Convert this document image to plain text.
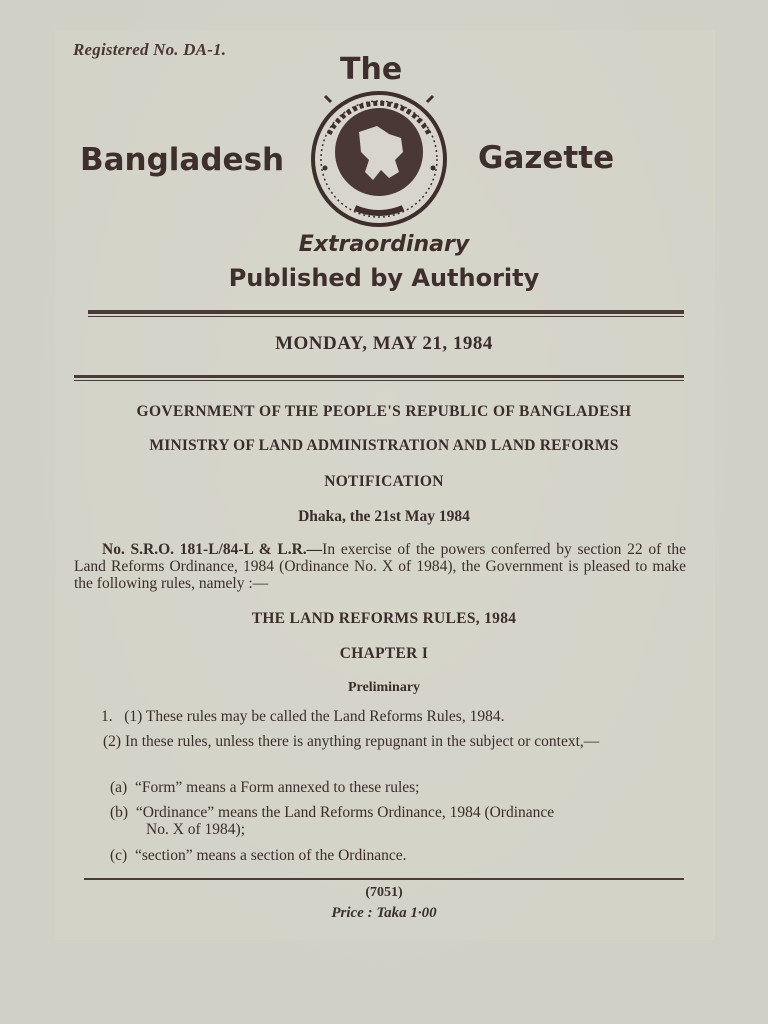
Registered No. DA-1.
The
Bangladesh	Gazette
Extraordinary
Published by Authority
MONDAY, MAY 21, 1984
GOVERNMENT OF THE PEOPLE'S REPUBLIC OF BANGLADESH
MINISTRY OF LAND ADMINISTRATION AND LAND REFORMS
NOTIFICATION
Dhaka, the 21st May 1984
No. S.R.O. 181-L/84-L & L.R.—In exercise of the powers conferred by section 22 of the Land Reforms Ordinance, 1984 (Ordinance No. X of 1984), the Government is pleased to make the following rules, namely :—
THE LAND REFORMS RULES, 1984
CHAPTER I
Preliminary
1.   (1) These rules may be called the Land Reforms Rules, 1984.
(2) In these rules, unless there is anything repugnant in the subject or context,—
(a)  “Form” means a Form annexed to these rules;
(b)  “Ordinance” means the Land Reforms Ordinance, 1984 (Ordinance
No. X of 1984);
(c)  “section” means a section of the Ordinance.
(7051)
Price : Taka 1·00
